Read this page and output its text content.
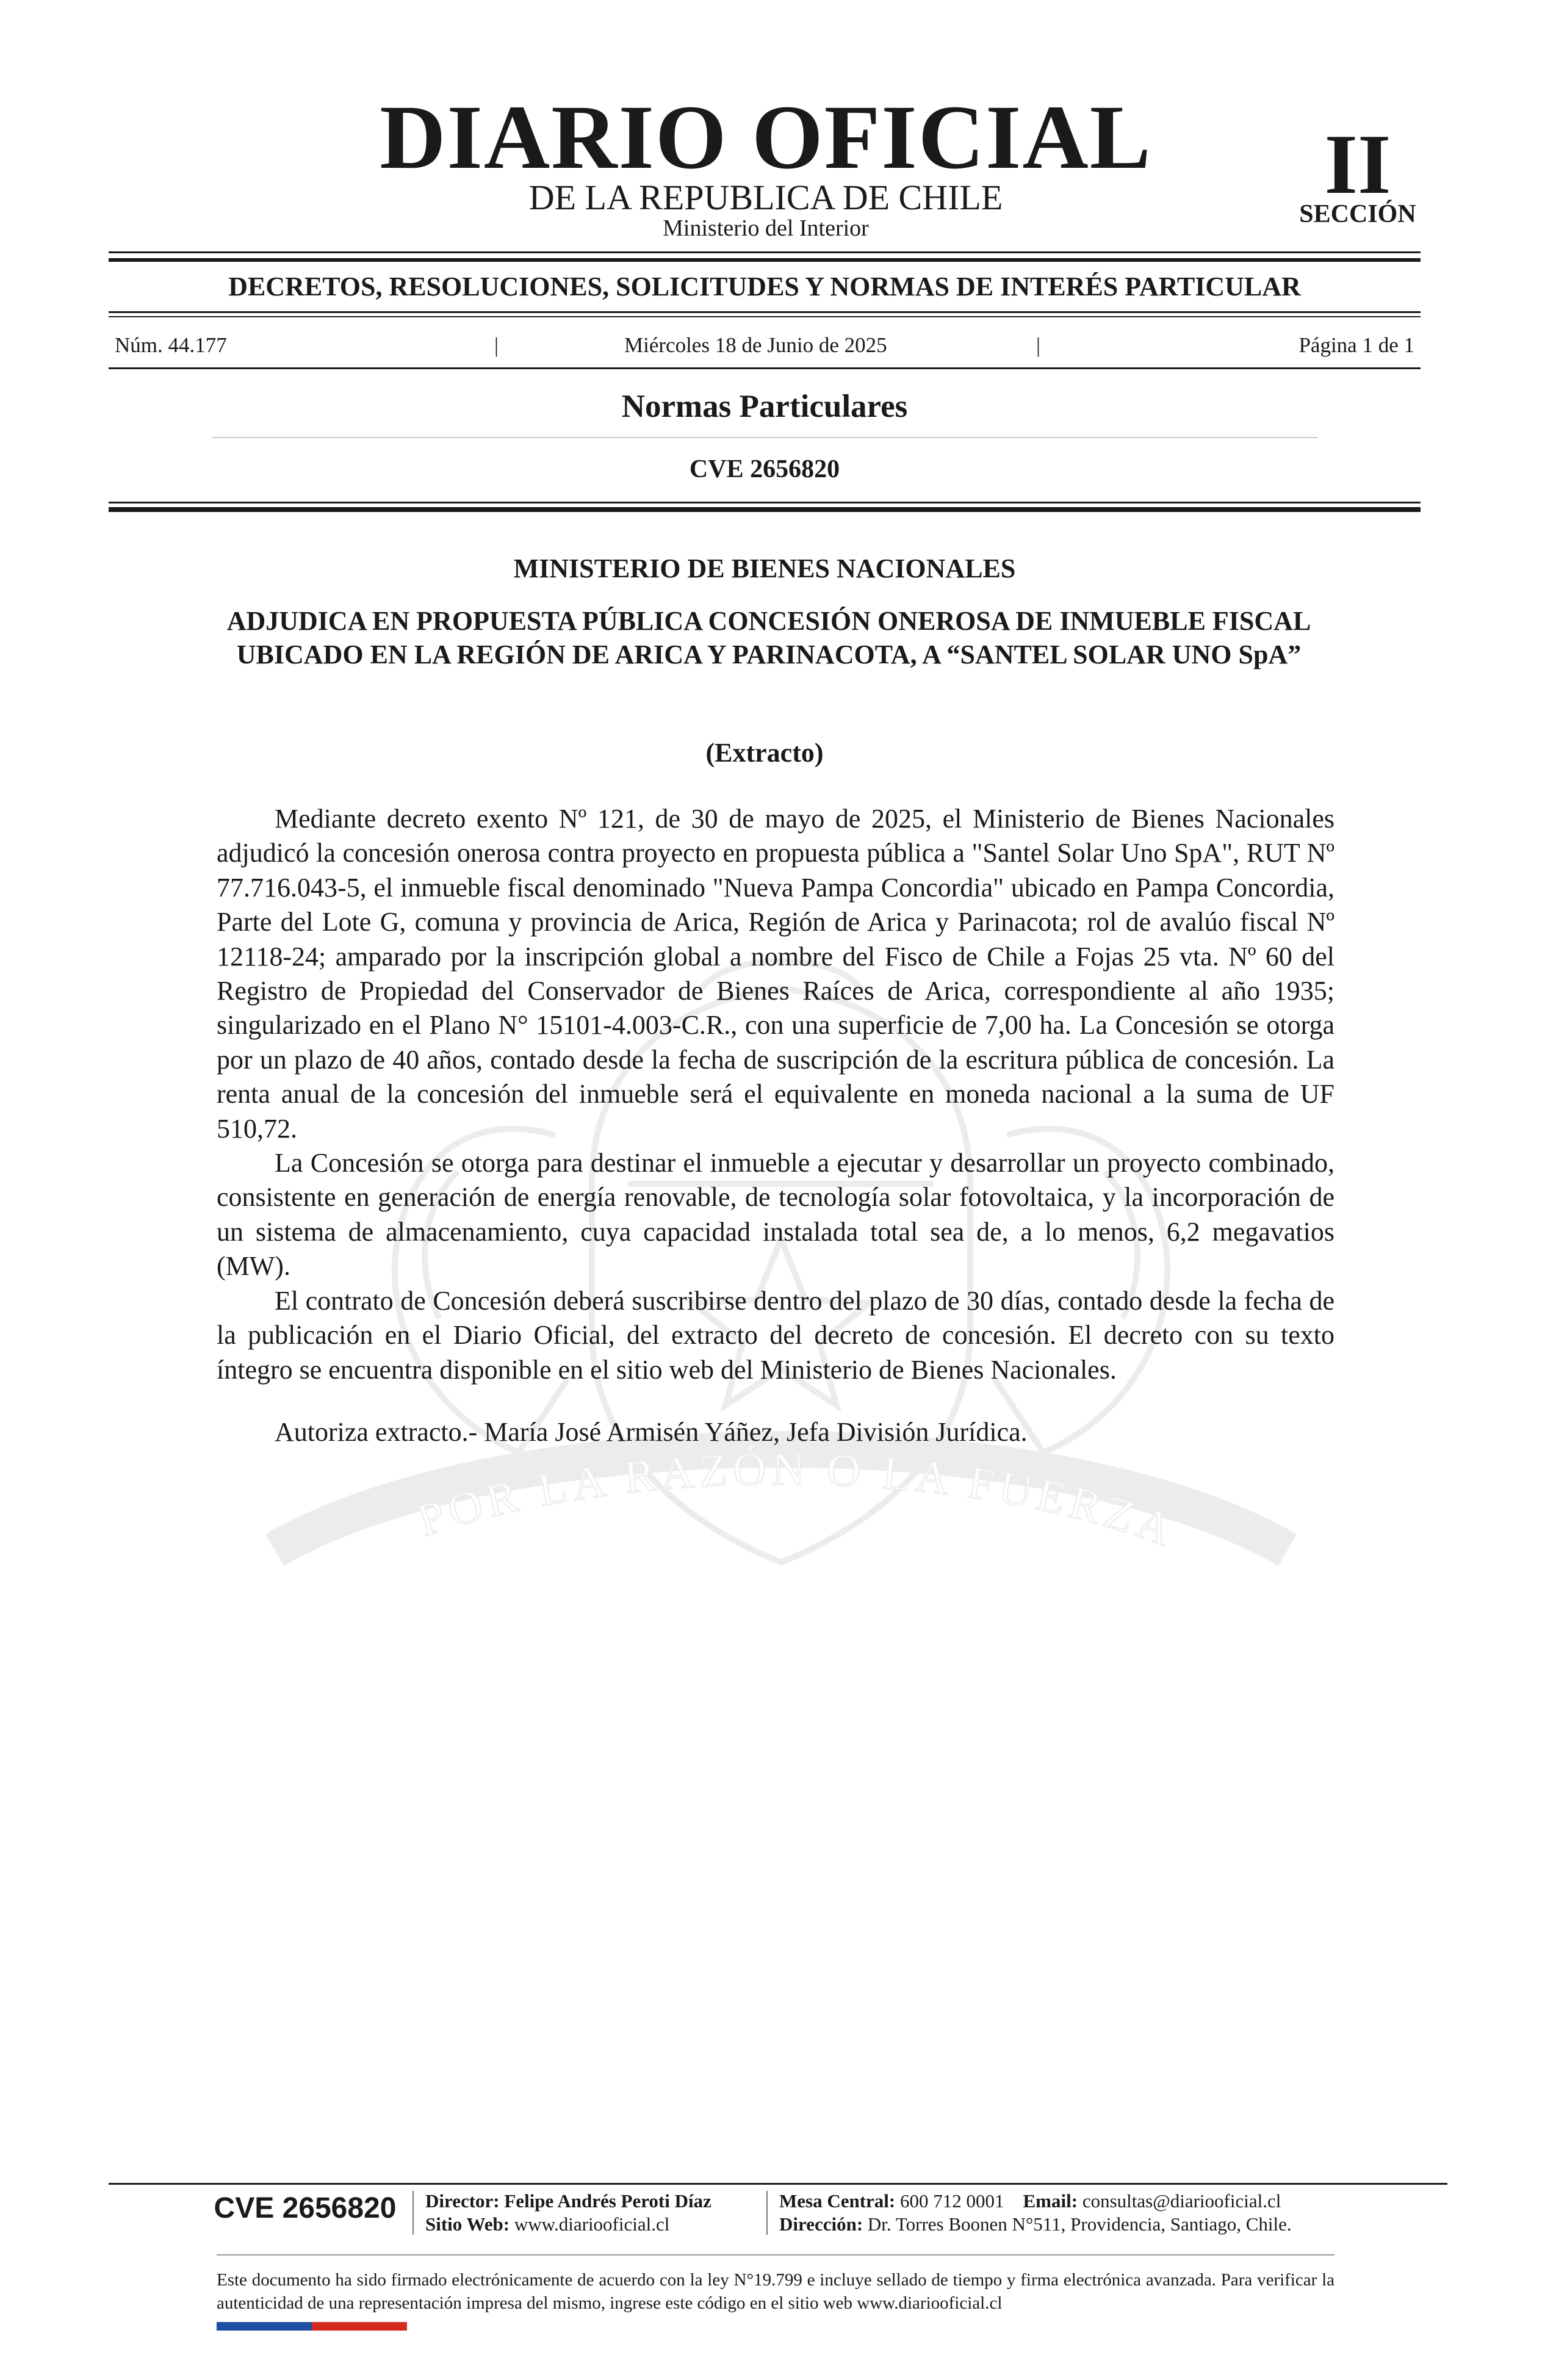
DIARIO OFICIAL
DE LA REPUBLICA DE CHILE
Ministerio del Interior
II
SECCIÓN
DECRETOS, RESOLUCIONES, SOLICITUDES Y NORMAS DE INTERÉS PARTICULAR
Núm. 44.177	|	Miércoles 18 de Junio de 2025	|	Página 1 de 1
Normas Particulares
CVE 2656820
POR LA RAZÓN O LA FUERZA
MINISTERIO DE BIENES NACIONALES
ADJUDICA EN PROPUESTA PÚBLICA CONCESIÓN ONEROSA DE INMUEBLE FISCAL UBICADO EN LA REGIÓN DE ARICA Y PARINACOTA, A “SANTEL SOLAR UNO SpA”
(Extracto)

Mediante decreto exento Nº 121, de 30 de mayo de 2025, el Ministerio de Bienes Nacionales adjudicó la concesión onerosa contra proyecto en propuesta pública a "Santel Solar Uno SpA", RUT Nº 77.716.043-5, el inmueble fiscal denominado "Nueva Pampa Concordia" ubicado en Pampa Concordia, Parte del Lote G, comuna y provincia de Arica, Región de Arica y Parinacota; rol de avalúo fiscal Nº 12118-24; amparado por la inscripción global a nombre del Fisco de Chile a Fojas 25 vta. Nº 60 del Registro de Propiedad del Conservador de Bienes Raíces de Arica, correspondiente al año 1935; singularizado en el Plano N° 15101-4.003-C.R., con una superficie de 7,00 ha. La Concesión se otorga por un plazo de 40 años, contado desde la fecha de suscripción de la escritura pública de concesión. La renta anual de la concesión del inmueble será el equivalente en moneda nacional a la suma de UF 510,72.

La Concesión se otorga para destinar el inmueble a ejecutar y desarrollar un proyecto combinado, consistente en generación de energía renovable, de tecnología solar fotovoltaica, y la incorporación de un sistema de almacenamiento, cuya capacidad instalada total sea de, a lo menos, 6,2 megavatios (MW).

El contrato de Concesión deberá suscribirse dentro del plazo de 30 días, contado desde la fecha de la publicación en el Diario Oficial, del extracto del decreto de concesión. El decreto con su texto íntegro se encuentra disponible en el sitio web del Ministerio de Bienes Nacionales.

Autoriza extracto.- María José Armisén Yáñez, Jefa División Jurídica.

CVE 2656820	Director: Felipe Andrés Peroti Díaz
Sitio Web: www.diariooficial.cl
Mesa Central: 600 712 0001 Email: consultas@diariooficial.cl
Dirección: Dr. Torres Boonen N°511, Providencia, Santiago, Chile.
Este documento ha sido firmado electrónicamente de acuerdo con la ley N°19.799 e incluye sellado de tiempo y firma electrónica avanzada. Para verificar la autenticidad de una representación impresa del mismo, ingrese este código en el sitio web www.diariooficial.cl
